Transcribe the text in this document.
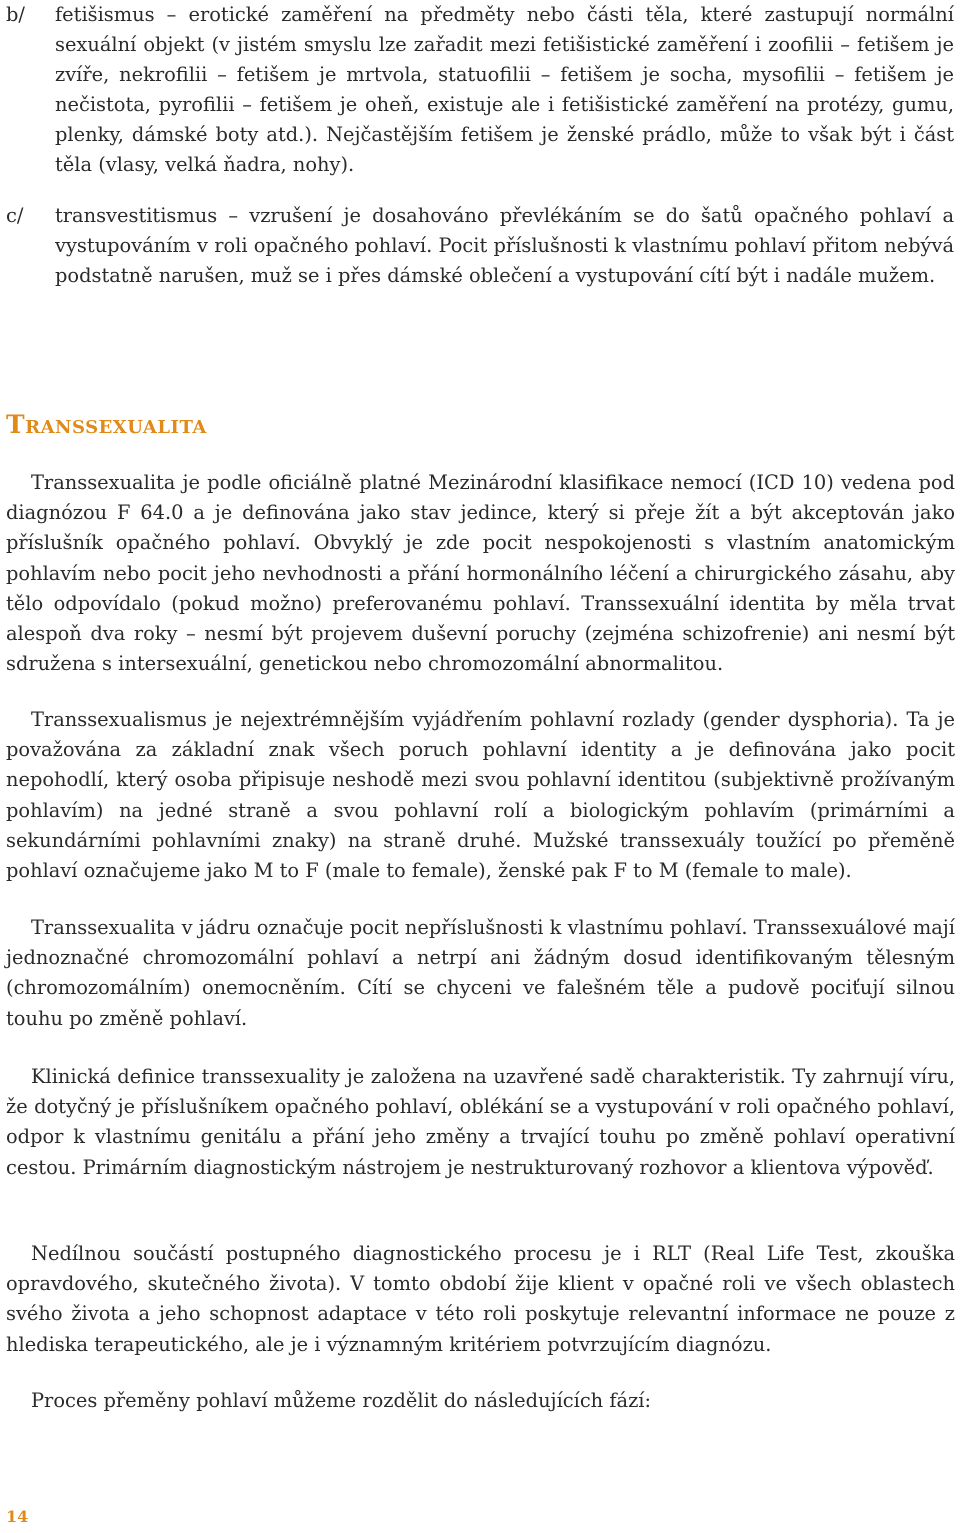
b/ fetišismus – erotické zaměření na předměty nebo části těla, které zastupují normální sexuální objekt (v jistém smyslu lze zařadit mezi fetišistické zaměření i zoofilii – fetišem je zvíře, nekrofilii – fetišem je mrtvola, statuofilii – fetišem je socha, mysofilii – fetišem je nečistota, pyrofilii – fetišem je oheň, existuje ale i fetišistické zaměření na protézy, gumu, plenky, dámské boty atd.). Nejčastějším fetišem je ženské prádlo, může to však být i část těla (vlasy, velká ňadra, nohy).
c/ transvestitismus – vzrušení je dosahováno převlékáním se do šatů opačného pohlaví a vystupováním v roli opačného pohlaví. Pocit příslušnosti k vlastnímu pohlaví přitom nebývá podstatně narušen, muž se i přes dámské oblečení a vystupování cítí být i nadále mužem.
Transsexualita

Transsexualita je podle oficiálně platné Mezinárodní klasifikace nemocí (ICD 10) vedena pod diagnózou F 64.0 a je definována jako stav jedince, který si přeje žít a být akceptován jako příslušník opačného pohlaví. Obvyklý je zde pocit nespokojenosti s vlastním anatomickým pohlavím nebo pocit jeho nevhodnosti a přání hormonálního léčení a chirurgického zásahu, aby tělo odpovídalo (pokud možno) preferovanému pohlaví. Transsexuální identita by měla trvat alespoň dva roky – nesmí být projevem duševní poruchy (zejména schizofrenie) ani nesmí být sdružena s intersexuální, genetickou nebo chromozomální abnormalitou.

Transsexualismus je nejextrémnějším vyjádřením pohlavní rozlady (gender dysphoria). Ta je považována za základní znak všech poruch pohlavní identity a je definována jako pocit nepohodlí, který osoba připisuje neshodě mezi svou pohlavní identitou (subjektivně prožívaným pohlavím) na jedné straně a svou pohlavní rolí a biologickým pohlavím (primárními a sekundárními pohlavními znaky) na straně druhé. Mužské transsexuály toužící po přeměně pohlaví označujeme jako M to F (male to female), ženské pak F to M (female to male).

Transsexualita v jádru označuje pocit nepříslušnosti k vlastnímu pohlaví. Transsexuálové mají jednoznačné chromozomální pohlaví a netrpí ani žádným dosud identifikovaným tělesným (chromozomálním) onemocněním. Cítí se chyceni ve falešném těle a pudově pociťují silnou touhu po změně pohlaví.

Klinická definice transsexuality je založena na uzavřené sadě charakteristik. Ty zahrnují víru, že dotyčný je příslušníkem opačného pohlaví, oblékání se a vystupování v roli opačného pohlaví, odpor k vlastnímu genitálu a přání jeho změny a trvající touhu po změně pohlaví operativní cestou. Primárním diagnostickým nástrojem je nestrukturovaný rozhovor a klientova výpověď.

Nedílnou součástí postupného diagnostického procesu je i RLT (Real Life Test, zkouška opravdového, skutečného života). V tomto období žije klient v opačné roli ve všech oblastech svého života a jeho schopnost adaptace v této roli poskytuje relevantní informace ne pouze z hlediska terapeutického, ale je i významným kritériem potvrzujícím diagnózu.

Proces přeměny pohlaví můžeme rozdělit do následujících fází:

14
